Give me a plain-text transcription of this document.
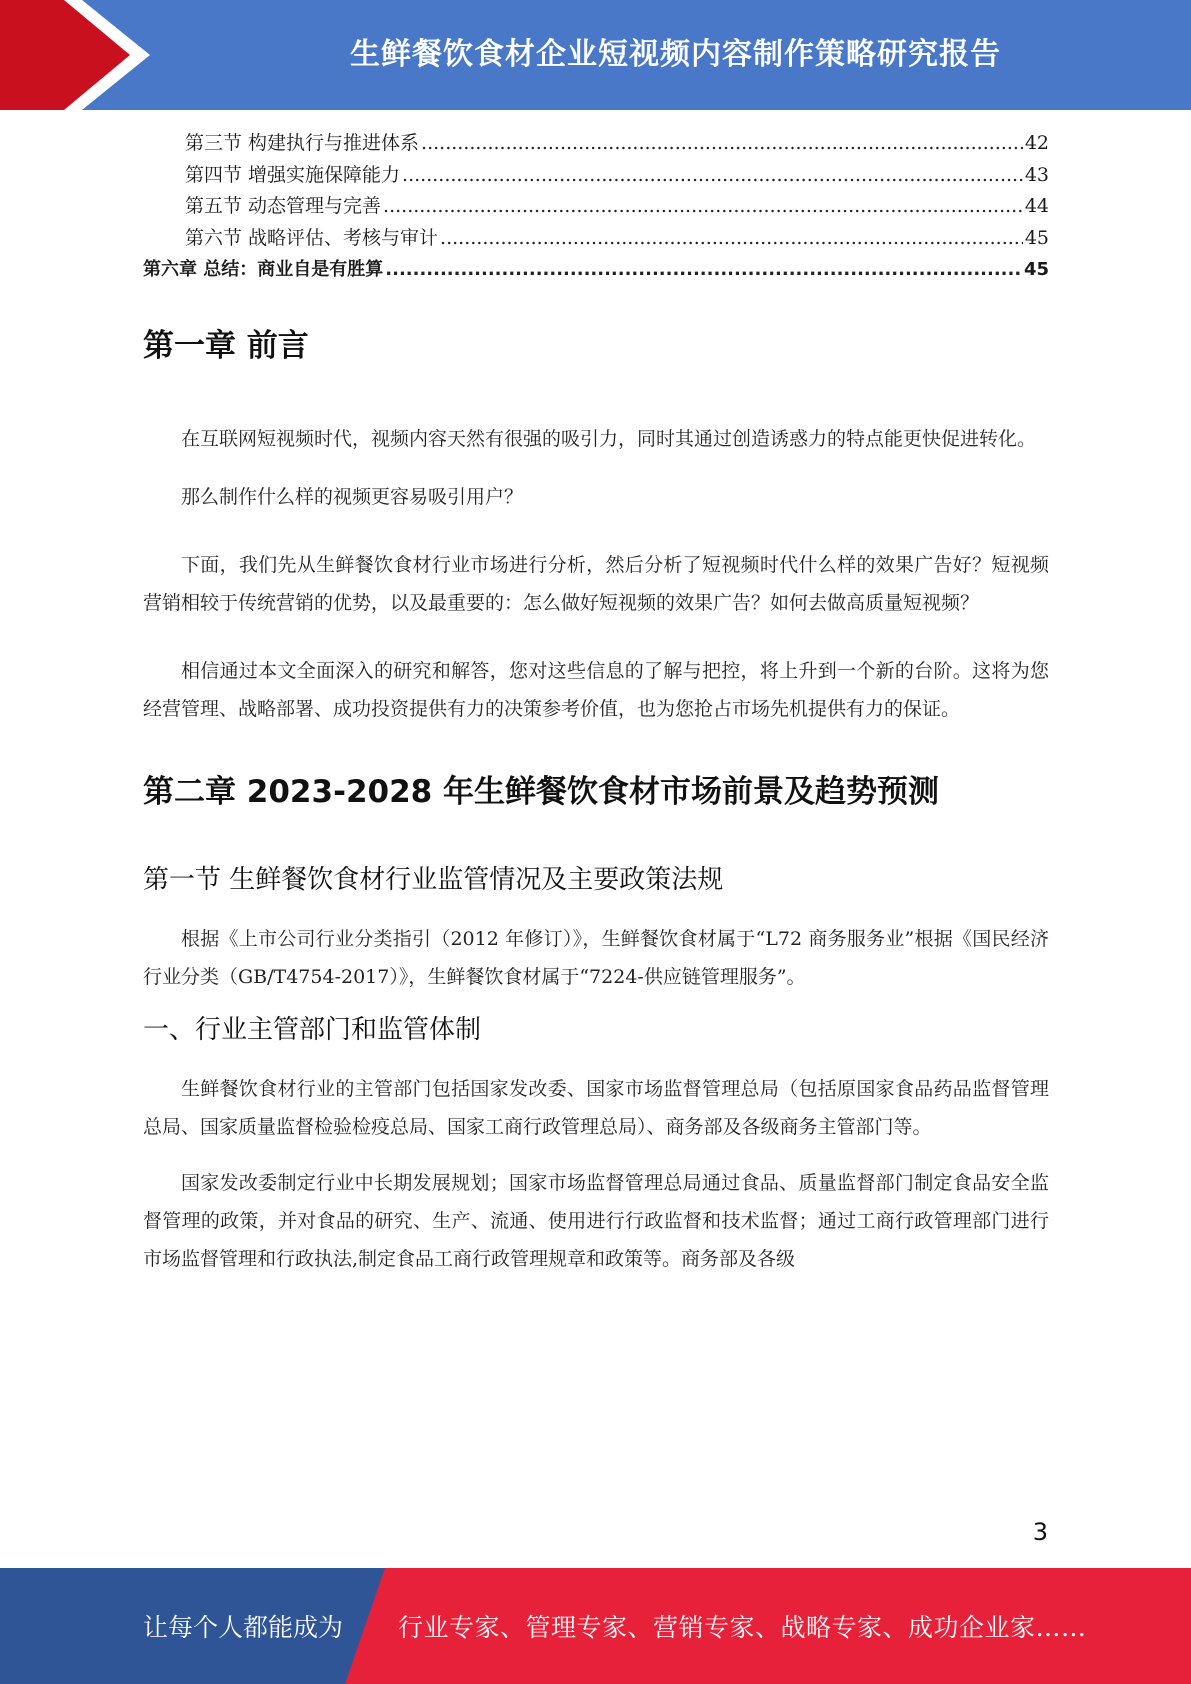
生鲜餐饮食材企业短视频内容制作策略研究报告
第三节 构建执行与推进体系 .....	42
第四节 增强实施保障能力 .....	43
第五节 动态管理与完善 .....	44
第六节 战略评估、考核与审计 .....	45
第六章 总结：商业自是有胜算 .....	45
第一章 前言

在互联网短视频时代，视频内容天然有很强的吸引力，同时其通过创造诱惑力的特点能更快促进转化。

那么制作什么样的视频更容易吸引用户？

下面，我们先从生鲜餐饮食材行业市场进行分析，然后分析了短视频时代什么样的效果广告好？短视频营销相较于传统营销的优势，以及最重要的：怎么做好短视频的效果广告？如何去做高质量短视频？

相信通过本文全面深入的研究和解答，您对这些信息的了解与把控，将上升到一个新的台阶。这将为您经营管理、战略部署、成功投资提供有力的决策参考价值，也为您抢占市场先机提供有力的保证。

第二章 2023-2028 年生鲜餐饮食材市场前景及趋势预测
第一节 生鲜餐饮食材行业监管情况及主要政策法规

根据《上市公司行业分类指引（2012 年修订）》，生鲜餐饮食材属于“L72 商务服务业”根据《国民经济行业分类（GB/T4754-2017）》，生鲜餐饮食材属于“7224-供应链管理服务”。

一、行业主管部门和监管体制

生鲜餐饮食材行业的主管部门包括国家发改委、国家市场监督管理总局（包括原国家食品药品监督管理总局、国家质量监督检验检疫总局、国家工商行政管理总局）、商务部及各级商务主管部门等。

国家发改委制定行业中长期发展规划；国家市场监督管理总局通过食品、质量监督部门制定食品安全监督管理的政策，并对食品的研究、生产、流通、使用进行行政监督和技术监督；通过工商行政管理部门进行市场监督管理和行政执法,制定食品工商行政管理规章和政策等。商务部及各级

3
让每个人都能成为 行业专家、管理专家、营销专家、战略专家、成功企业家……
